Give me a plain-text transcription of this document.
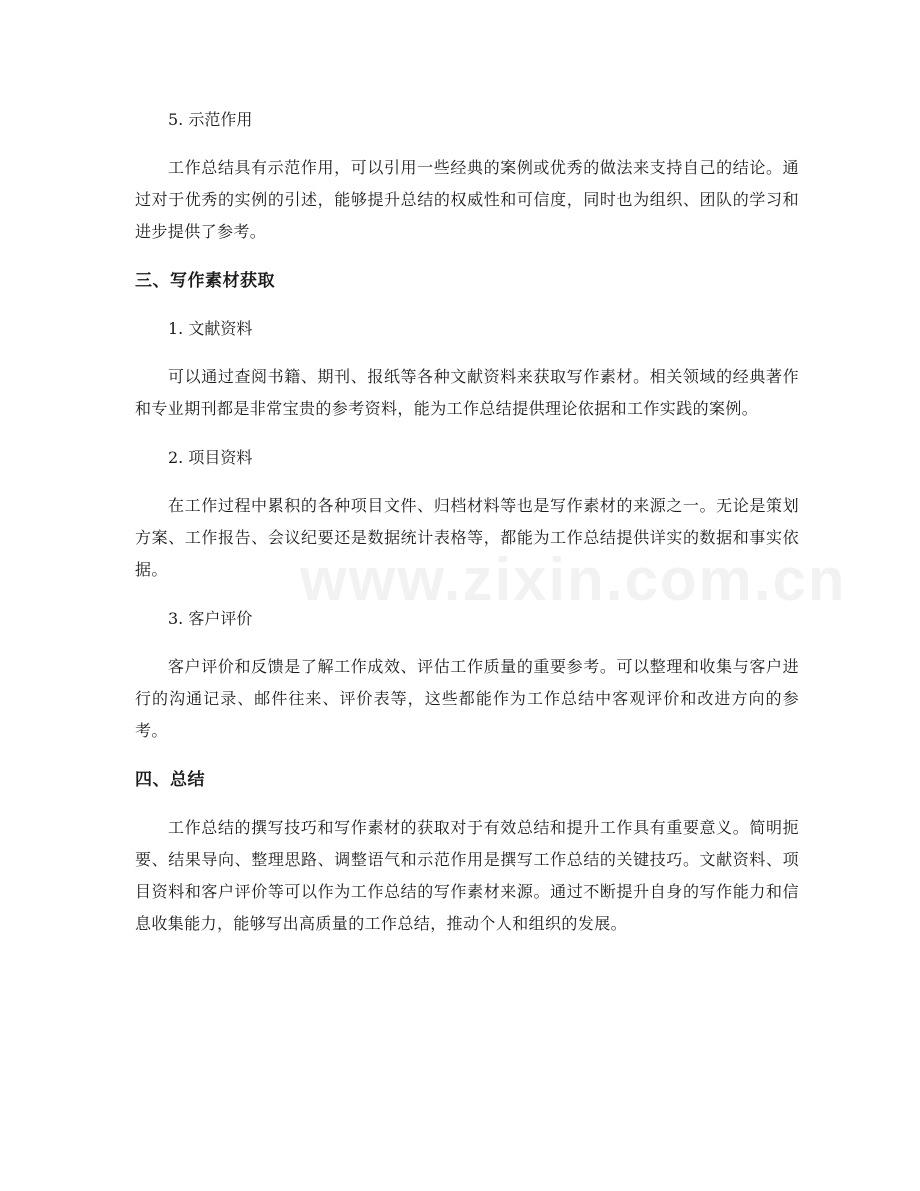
5. 示范作用

工作总结具有示范作用，可以引用一些经典的案例或优秀的做法来支持自己的结论。通过对于优秀的实例的引述，能够提升总结的权威性和可信度，同时也为组织、团队的学习和进步提供了参考。

三、写作素材获取
1. 文献资料

可以通过查阅书籍、期刊、报纸等各种文献资料来获取写作素材。相关领域的经典著作和专业期刊都是非常宝贵的参考资料，能为工作总结提供理论依据和工作实践的案例。

2. 项目资料

在工作过程中累积的各种项目文件、归档材料等也是写作素材的来源之一。无论是策划方案、工作报告、会议纪要还是数据统计表格等，都能为工作总结提供详实的数据和事实依据。

3. 客户评价

客户评价和反馈是了解工作成效、评估工作质量的重要参考。可以整理和收集与客户进行的沟通记录、邮件往来、评价表等，这些都能作为工作总结中客观评价和改进方向的参考。

四、总结

工作总结的撰写技巧和写作素材的获取对于有效总结和提升工作具有重要意义。简明扼要、结果导向、整理思路、调整语气和示范作用是撰写工作总结的关键技巧。文献资料、项目资料和客户评价等可以作为工作总结的写作素材来源。通过不断提升自身的写作能力和信息收集能力，能够写出高质量的工作总结，推动个人和组织的发展。

www.zixin.com.cn
